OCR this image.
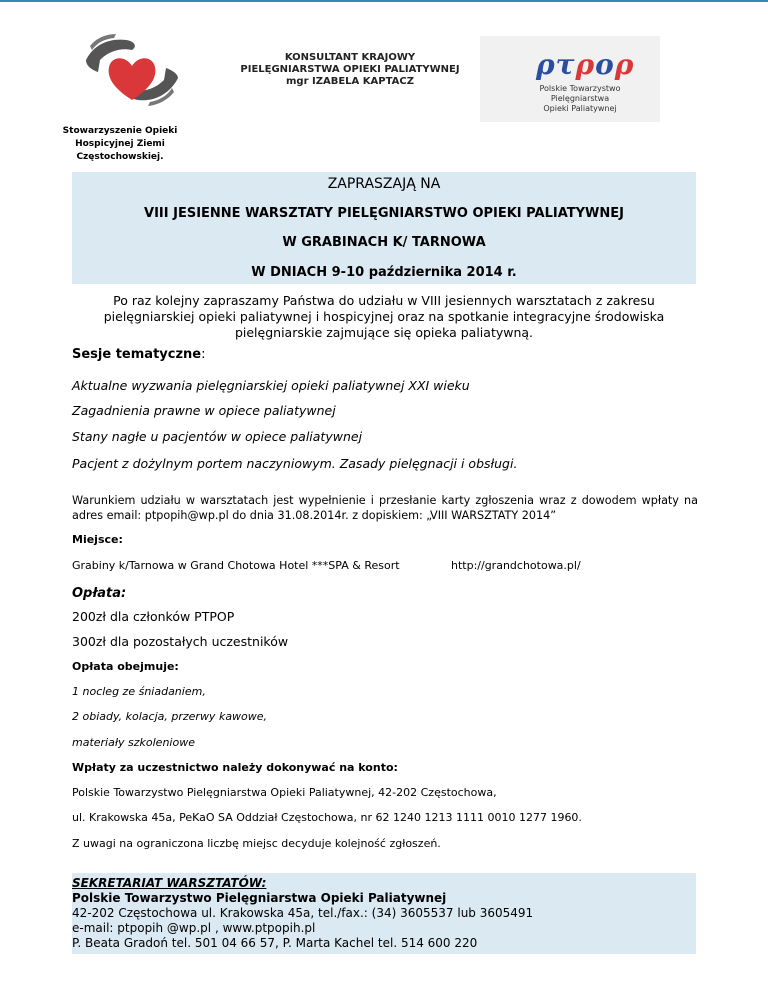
KONSULTANT KRAJOWY
PIELĘGNIARSTWA OPIEKI PALIATYWNEJ
mgr IZABELA KAPTACZ
ρτρορ
Polskie Towarzystwo
Pielęgniarstwa
Opieki Paliatywnej
Stowarzyszenie Opieki
Hospicyjnej Ziemi
Częstochowskiej.
ZAPRASZAJĄ NA
VIII JESIENNE WARSZTATY PIELĘGNIARSTWO OPIEKI PALIATYWNEJ
W GRABINACH K/ TARNOWA
W DNIACH 9-10 października 2014 r.
Po raz kolejny zapraszamy Państwa do udziału w VIII jesiennych warsztatach z zakresu pielęgniarskiej opieki paliatywnej i hospicyjnej oraz na spotkanie integracyjne środowiska pielęgniarskie zajmujące się opieka paliatywną.
Sesje tematyczne:
Aktualne wyzwania pielęgniarskiej opieki paliatywnej XXI wieku
Zagadnienia prawne w opiece paliatywnej
Stany nagłe u pacjentów w opiece paliatywnej
Pacjent z dożylnym portem naczyniowym. Zasady pielęgnacji i obsługi.
Warunkiem udziału w warsztatach jest wypełnienie i przesłanie karty zgłoszenia wraz z dowodem wpłaty na adres email: ptpopih@wp.pl do dnia 31.08.2014r. z dopiskiem: „VIII WARSZTATY 2014”
Miejsce:
Grabiny k/Tarnowa w Grand Chotowa Hotel ***SPA & Resort	http://grandchotowa.pl/
Opłata:
200zł dla członków PTPOP
300zł dla pozostałych uczestników
Opłata obejmuje:
1 nocleg ze śniadaniem,
2 obiady, kolacja, przerwy kawowe,
materiały szkoleniowe
Wpłaty za uczestnictwo należy dokonywać na konto:
Polskie Towarzystwo Pielęgniarstwa Opieki Paliatywnej, 42-202 Częstochowa,
ul. Krakowska 45a, PeKaO SA Oddział Częstochowa, nr 62 1240 1213 1111 0010 1277 1960.
Z uwagi na ograniczona liczbę miejsc decyduje kolejność zgłoszeń.
SEKRETARIAT WARSZTATÓW:
Polskie Towarzystwo Pielęgniarstwa Opieki Paliatywnej
42-202 Częstochowa ul. Krakowska 45a, tel./fax.: (34) 3605537 lub 3605491
e-mail: ptpopih @wp.pl , www.ptpopih.pl
P. Beata Gradoń tel. 501 04 66 57, P. Marta Kachel tel. 514 600 220
